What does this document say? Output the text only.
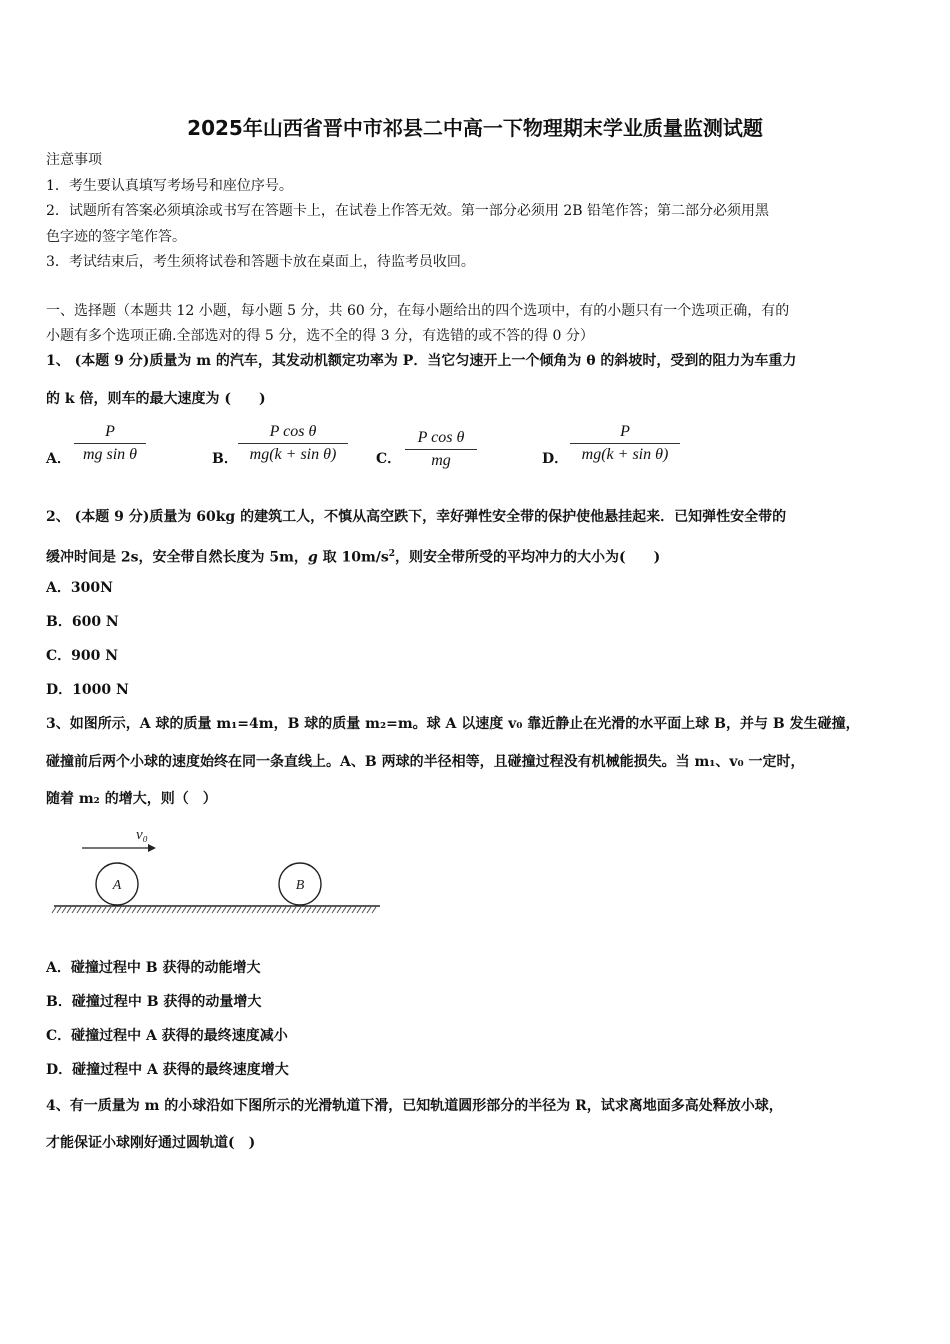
2025年山西省晋中市祁县二中高一下物理期末学业质量监测试题
注意事项
1．考生要认真填写考场号和座位序号。
2．试题所有答案必须填涂或书写在答题卡上，在试卷上作答无效。第一部分必须用 2B 铅笔作答；第二部分必须用黑
色字迹的签字笔作答。
3．考试结束后，考生须将试卷和答题卡放在桌面上，待监考员收回。
一、选择题（本题共 12 小题，每小题 5 分，共 60 分，在每小题给出的四个选项中，有的小题只有一个选项正确，有的
小题有多个选项正确.全部选对的得 5 分，选不全的得 3 分，有选错的或不答的得 0 分）
1、 (本题 9 分)质量为 m 的汽车，其发动机额定功率为 P．当它匀速开上一个倾角为 θ 的斜坡时，受到的阻力为车重力
的 k 倍，则车的最大速度为 (　　)
A． $\frac{P}{\text{mg sin θ}}$	B． $\frac{\text{P cos θ}}{\text{mg(k + sin θ)}}$ C． $\frac{\text{P cos θ}}{mg}$	D． $\frac{P}{\text{mg(k + sin θ)}}$
2、 (本题 9 分)质量为 60kg 的建筑工人，不慎从高空跌下，幸好弹性安全带的保护使他悬挂起来．已知弹性安全带的
缓冲时间是 2s，安全带自然长度为 5m，g 取 $10m/s^2$，则安全带所受的平均冲力的大小为(　　)
A．300N
B．600 N
C．900 N
D．1000 N
3、如图所示，A 球的质量 m₁=4m，B 球的质量 m₂=m。球 A 以速度 v₀ 靠近静止在光滑的水平面上球 B，并与 B 发生碰撞，
碰撞前后两个小球的速度始终在同一条直线上。A、B 两球的半径相等，且碰撞过程没有机械能损失。当 m₁、v₀ 一定时，
随着 m₂ 的增大，则（　）
v₀
A	B
A．碰撞过程中 B 获得的动能增大
B．碰撞过程中 B 获得的动量增大
C．碰撞过程中 A 获得的最终速度减小
D．碰撞过程中 A 获得的最终速度增大
4、有一质量为 m 的小球沿如下图所示的光滑轨道下滑，已知轨道圆形部分的半径为 R，试求离地面多高处释放小球，
才能保证小球刚好通过圆轨道(　)
